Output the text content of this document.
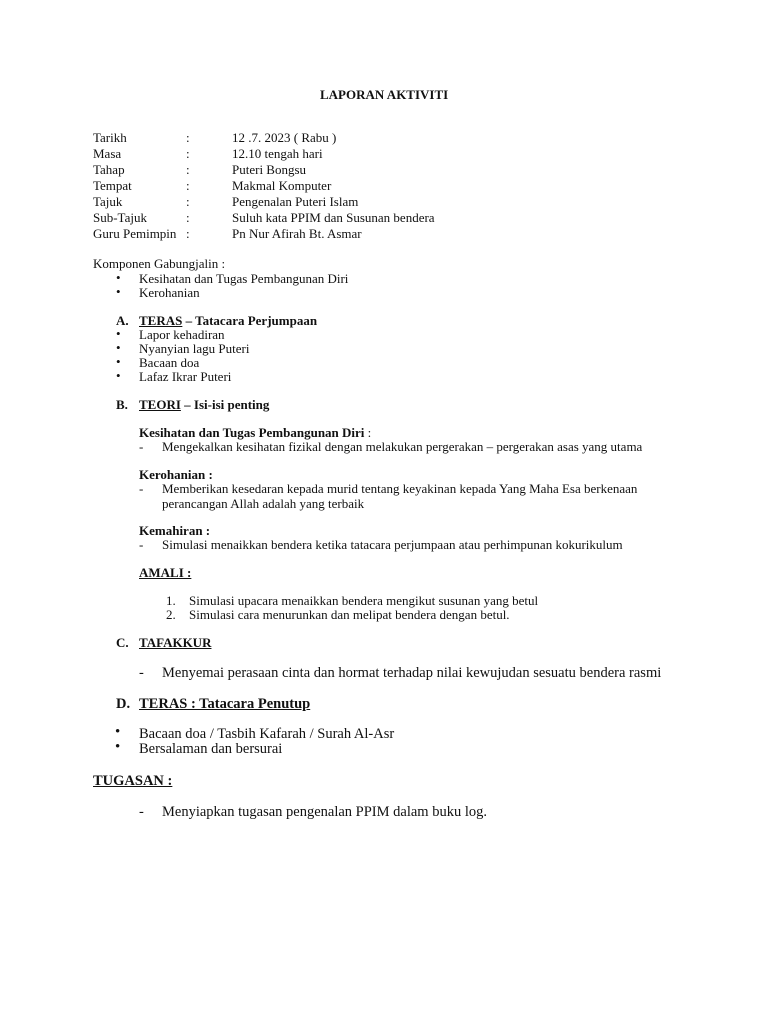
LAPORAN AKTIVITI
Tarikh	:	12 .7. 2023 ( Rabu )
Masa	:	12.10 tengah hari
Tahap	:	Puteri Bongsu
Tempat	:	Makmal Komputer
Tajuk	:	Pengenalan Puteri Islam
Sub-Tajuk	:	Suluh kata PPIM dan Susunan bendera
Guru Pemimpin :	Pn Nur Afirah Bt. Asmar
Komponen Gabungjalin :
• Kesihatan dan Tugas Pembangunan Diri
• Kerohanian
A. TERAS – Tatacara Perjumpaan
• Lapor kehadiran
• Nyanyian lagu Puteri
• Bacaan doa
• Lafaz Ikrar Puteri
B. TEORI – Isi-isi penting
Kesihatan dan Tugas Pembangunan Diri :
- Mengekalkan kesihatan fizikal dengan melakukan pergerakan – pergerakan asas yang utama
Kerohanian :
- Memberikan kesedaran kepada murid tentang keyakinan kepada Yang Maha Esa berkenaan perancangan Allah adalah yang terbaik
Kemahiran :
- Simulasi menaikkan bendera ketika tatacara perjumpaan atau perhimpunan kokurikulum
AMALI :
1. Simulasi upacara menaikkan bendera mengikut susunan yang betul
2. Simulasi cara menurunkan dan melipat bendera dengan betul.
C. TAFAKKUR
- Menyemai perasaan cinta dan hormat terhadap nilai kewujudan sesuatu bendera rasmi
D. TERAS : Tatacara Penutup
• Bacaan doa / Tasbih Kafarah / Surah Al-Asr
• Bersalaman dan bersurai
TUGASAN :
- Menyiapkan tugasan pengenalan PPIM dalam buku log.
